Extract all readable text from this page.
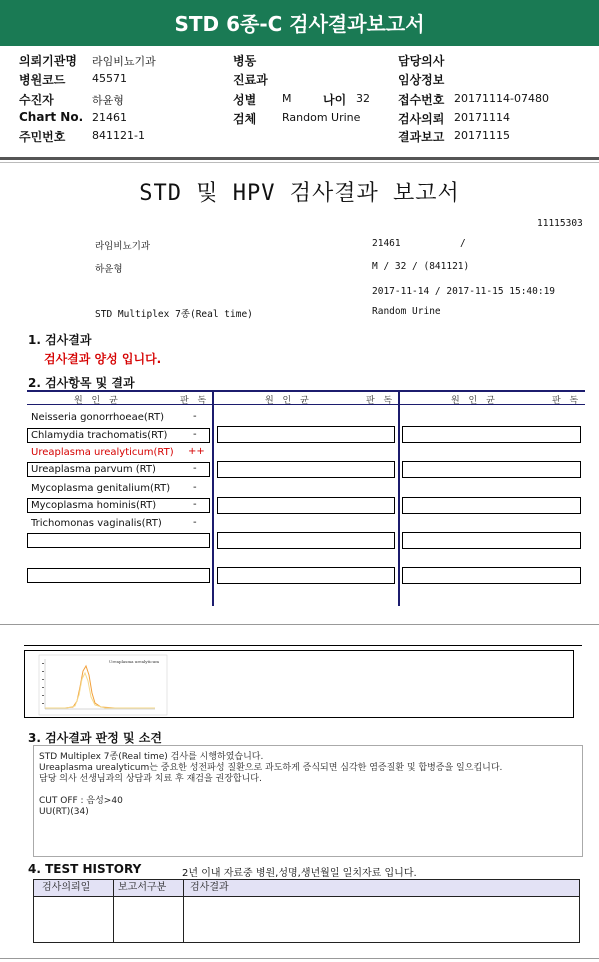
STD 6종-C 검사결과보고서
의뢰기관명 라임비뇨기과
병원코드 45571
수진자	하윤형
Chart No. 21461
주민번호 841121-1
병동
진료과
성별 M	나이 32
검체 Random Urine
담당의사
임상정보
접수번호 20171114-07480
검사의뢰 20171114
결과보고 20171115
STD 및 HPV 검사결과 보고서
11115303
라임비뇨기과	21461	/
하윤형	M / 32 / (841121)
2017-11-14 / 2017-11-15 15:40:19
STD Multiplex 7종(Real time)	Random Urine
1. 검사결과
검사결과 양성 입니다.
2. 검사항목 및 결과
원 인 균	판 독	원 인 균	판 독	원 인 균	판 독
Neisseria gonorrhoeae(RT)	-
Chlamydia trachomatis(RT)	-
Ureaplasma urealyticum(RT) ++
Ureaplasma parvum (RT)	-
Mycoplasma genitalium(RT) -
Mycoplasma hominis(RT)	-
Trichomonas vaginalis(RT)	-
Ureaplasma urealyticum
3. 검사결과 판정 및 소견
STD Multiplex 7종(Real time) 검사를 시행하였습니다.
Ureaplasma urealyticum는 중요한 성전파성 질환으로 과도하게 증식되면 심각한 염증질환 및 합병증을 일으킵니다.
담당 의사 선생님과의 상담과 치료 후 재검을 권장합니다.
CUT OFF : 음성>40
UU(RT)(34)
4. TEST HISTORY	2년 이내 자료중 병원,성명,생년월일 일치자료 입니다.
검사의뢰일	보고서구분 검사결과
